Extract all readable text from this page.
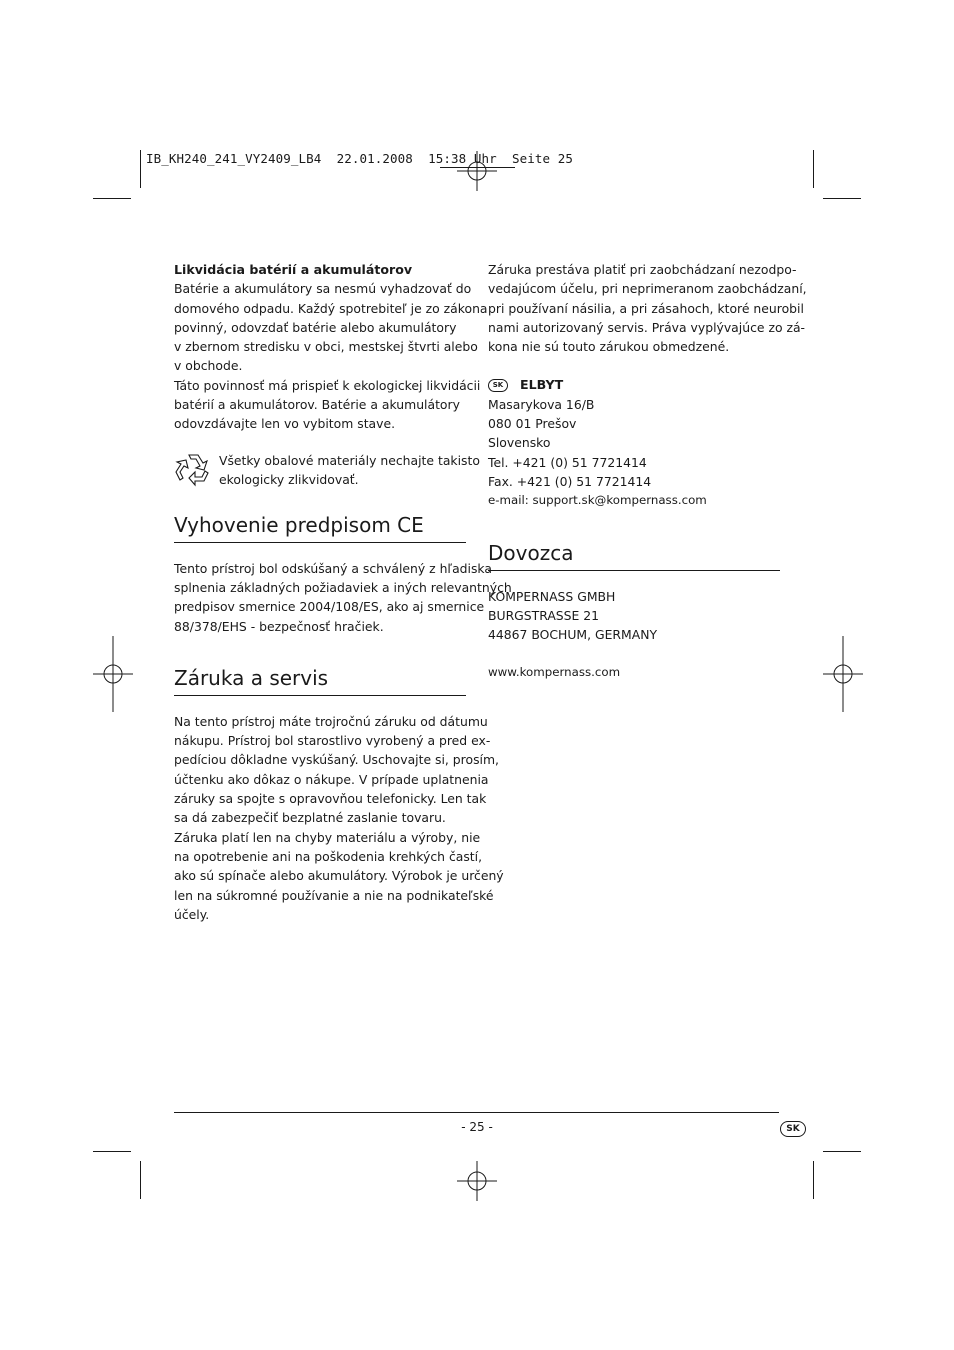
IB_KH240_241_VY2409_LB4  22.01.2008  15:38 Uhr  Seite 25

Likvidácia batérií a akumulátorov

Batérie a akumulátory sa nesmú vyhadzovať do

domového odpadu. Každý spotrebiteľ je zo zákona

povinný, odovzdať batérie alebo akumulátory

v zbernom stredisku v obci, mestskej štvrti alebo

v obchode.

Táto povinnosť má prispieť k ekologickej likvidácii

batérií a akumulátorov. Batérie a akumulátory

odovzdávajte len vo vybitom stave.

Všetky obalové materiály nechajte takisto

ekologicky zlikvidovať.

Vyhovenie predpisom CE

Tento prístroj bol odskúšaný a schválený z hľadiska

splnenia základných požiadaviek a iných relevantných

predpisov smernice 2004/108/ES, ako aj smernice

88/378/EHS - bezpečnosť hračiek.

Záruka a servis

Na tento prístroj máte trojročnú záruku od dátumu

nákupu. Prístroj bol starostlivo vyrobený a pred ex-

pedíciou dôkladne vyskúšaný. Uschovajte si, prosím,

účtenku ako dôkaz o nákupe. V prípade uplatnenia

záruky sa spojte s opravovňou telefonicky. Len tak

sa dá zabezpečiť bezplatné zaslanie tovaru.

Záruka platí len na chyby materiálu a výroby, nie

na opotrebenie ani na poškodenia krehkých častí,

ako sú spínače alebo akumulátory. Výrobok je určený

len na súkromné používanie a nie na podnikateľské

účely.

Záruka prestáva platiť pri zaobchádzaní nezodpo-

vedajúcom účelu, pri neprimeranom zaobchádzaní,

pri používaní násilia, a pri zásahoch, ktoré neurobil

nami autorizovaný servis. Práva vyplývajúce zo zá-

kona nie sú touto zárukou obmedzené.

SK ELBYT

Masarykova 16/B

080 01 Prešov

Slovensko

Tel. +421 (0) 51 7721414

Fax. +421 (0) 51 7721414

e-mail: support.sk@kompernass.com

Dovozca

KOMPERNASS GMBH

BURGSTRASSE 21

44867 BOCHUM, GERMANY

www.kompernass.com

- 25 -	SK
